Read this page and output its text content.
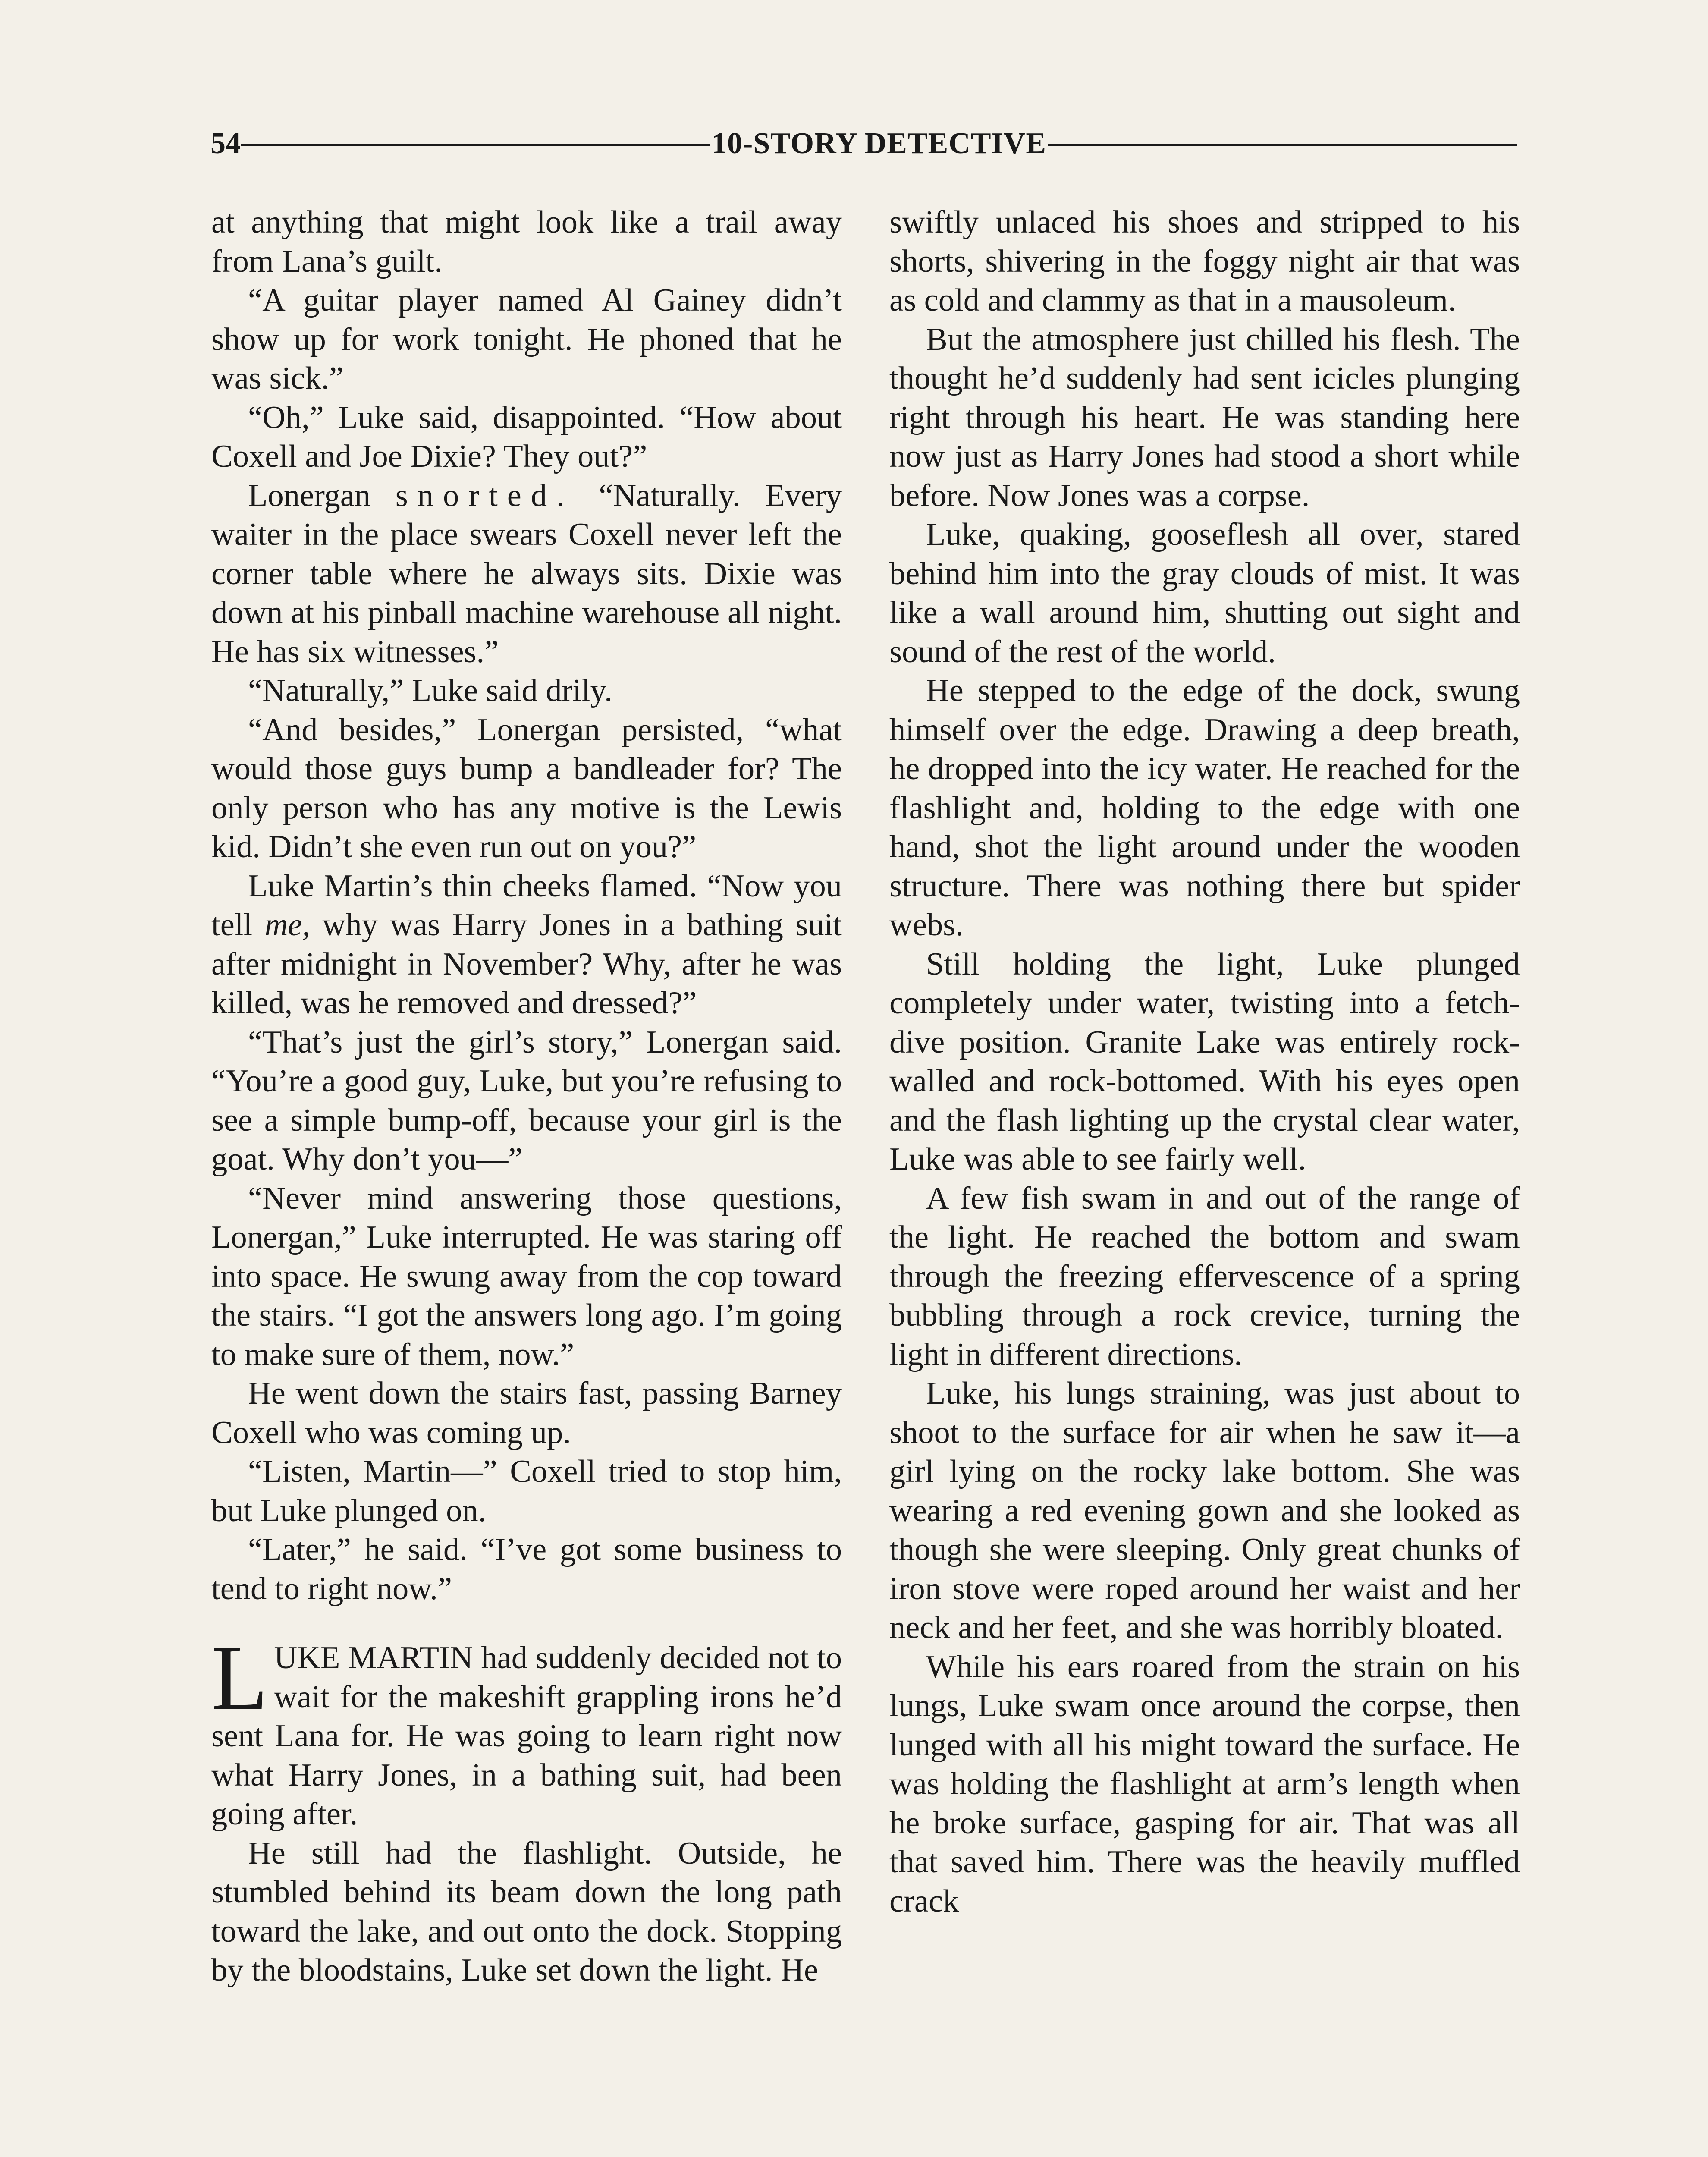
54	10-STORY DETECTIVE

at anything that might look like a trail away from Lana’s guilt.

“A guitar player named Al Gainey didn’t show up for work tonight. He phoned that he was sick.”

“Oh,” Luke said, disappointed. “How about Coxell and Joe Dixie? They out?”

Lonergan snorted. “Naturally. Every waiter in the place swears Coxell never left the corner table where he always sits. Dixie was down at his pinball machine warehouse all night. He has six witnesses.”

“Naturally,” Luke said drily.

“And besides,” Lonergan persisted, “what would those guys bump a bandleader for? The only person who has any motive is the Lewis kid. Didn’t she even run out on you?”

Luke Martin’s thin cheeks flamed. “Now you tell me, why was Harry Jones in a bathing suit after midnight in November? Why, after he was killed, was he removed and dressed?”

“That’s just the girl’s story,” Lonergan said. “You’re a good guy, Luke, but you’re refusing to see a simple bump-off, because your girl is the goat. Why don’t you—”

“Never mind answering those questions, Lonergan,” Luke interrupted. He was staring off into space. He swung away from the cop toward the stairs. “I got the answers long ago. I’m going to make sure of them, now.”

He went down the stairs fast, passing Barney Coxell who was coming up.

“Listen, Martin—” Coxell tried to stop him, but Luke plunged on.

“Later,” he said. “I’ve got some business to tend to right now.”

LUKE MARTIN had suddenly decided not to wait for the makeshift grappling irons he’d sent Lana for. He was going to learn right now what Harry Jones, in a bathing suit, had been going after.

He still had the flashlight. Outside, he stumbled behind its beam down the long path toward the lake, and out onto the dock. Stopping by the bloodstains, Luke set down the light. He

swiftly unlaced his shoes and stripped to his shorts, shivering in the foggy night air that was as cold and clammy as that in a mausoleum.

But the atmosphere just chilled his flesh. The thought he’d suddenly had sent icicles plunging right through his heart. He was standing here now just as Harry Jones had stood a short while before. Now Jones was a corpse.

Luke, quaking, gooseflesh all over, stared behind him into the gray clouds of mist. It was like a wall around him, shutting out sight and sound of the rest of the world.

He stepped to the edge of the dock, swung himself over the edge. Drawing a deep breath, he dropped into the icy water. He reached for the flashlight and, holding to the edge with one hand, shot the light around under the wooden structure. There was nothing there but spider webs.

Still holding the light, Luke plunged completely under water, twisting into a fetch-dive position. Granite Lake was entirely rock-walled and rock-bottomed. With his eyes open and the flash lighting up the crystal clear water, Luke was able to see fairly well.

A few fish swam in and out of the range of the light. He reached the bottom and swam through the freezing effervescence of a spring bubbling through a rock crevice, turning the light in different directions.

Luke, his lungs straining, was just about to shoot to the surface for air when he saw it—a girl lying on the rocky lake bottom. She was wearing a red evening gown and she looked as though she were sleeping. Only great chunks of iron stove were roped around her waist and her neck and her feet, and she was horribly bloated.

While his ears roared from the strain on his lungs, Luke swam once around the corpse, then lunged with all his might toward the surface. He was holding the flashlight at arm’s length when he broke surface, gasping for air. That was all that saved him. There was the heavily muffled crack
